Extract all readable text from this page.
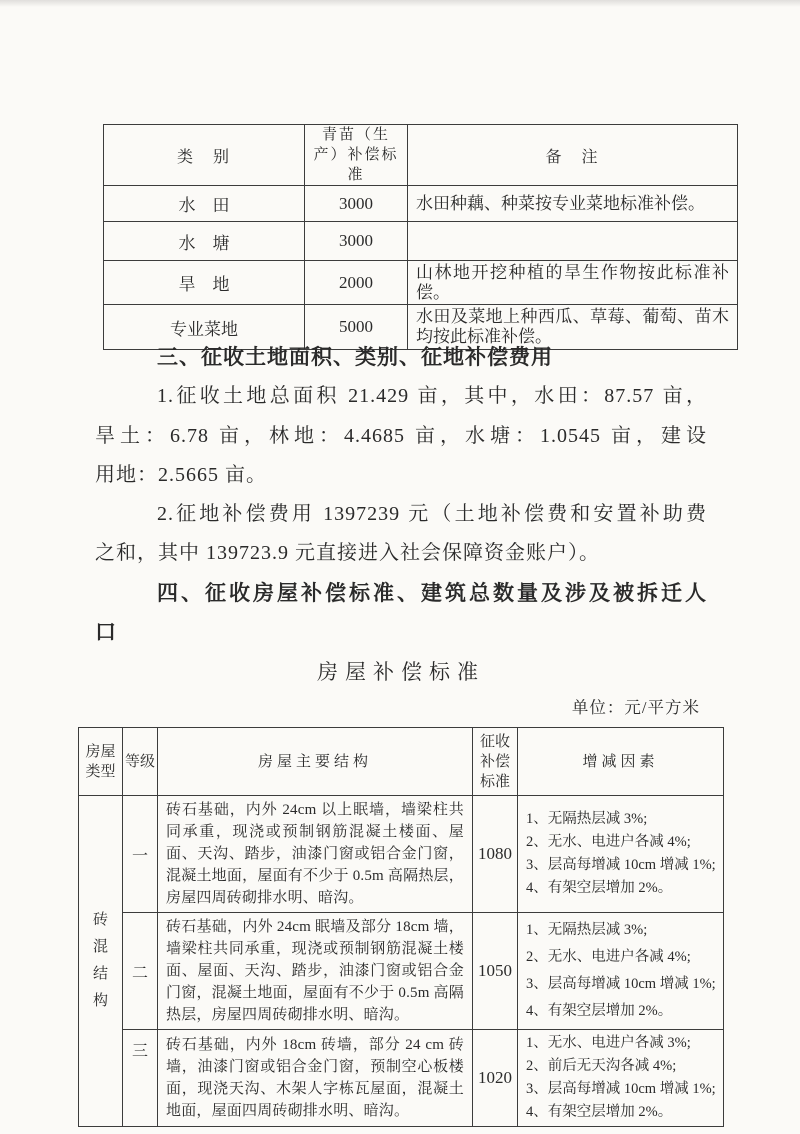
类　别	青苗（生产）补偿标准	备　注
水　田	3000	水田种藕、种菜按专业菜地标准补偿。
水　塘	3000	
旱　地	2000	山林地开挖种植的旱生作物按此标准补偿。
专业菜地	5000	水田及菜地上种西瓜、草莓、葡萄、苗木均按此标准补偿。
三、征收土地面积、类别、征地补偿费用
1.征收土地总面积 21.429 亩，其中，水田：87.57 亩，
旱土：6.78 亩，林地：4.4685 亩，水塘：1.0545 亩，建设
用地：2.5665 亩。
2.征地补偿费用 1397239 元（土地补偿费和安置补助费
之和，其中 139723.9 元直接进入社会保障资金账户）。
四、征收房屋补偿标准、建筑总数量及涉及被拆迁人
口
房屋补偿标准
单位：元/平方米
房屋类型	等级	房屋主要结构	征收补偿标准	增减因素

砖混结构	一	砖石基础，内外 24cm 以上眠墙，墙梁柱共同承重，现浇或预制钢筋混凝土楼面、屋面、天沟、踏步，油漆门窗或铝合金门窗，混凝土地面，屋面有不少于 0.5m 高隔热层，房屋四周砖砌排水明、暗沟。	1080	1、无隔热层减 3%;
2、无水、电进户各减 4%;
3、层高每增减 10cm 增减 1%;
4、有架空层增加 2%。

	二	砖石基础，内外 24cm 眠墙及部分 18cm 墙，墙梁柱共同承重，现浇或预制钢筋混凝土楼面、屋面、天沟、踏步，油漆门窗或铝合金门窗，混凝土地面，屋面有不少于 0.5m 高隔热层，房屋四周砖砌排水明、暗沟。	1050	1、无隔热层减 3%;
2、无水、电进户各减 4%;
3、层高每增减 10cm 增减 1%;
4、有架空层增加 2%。

	三	砖石基础，内外 18cm 砖墙，部分 24 cm 砖墙，油漆门窗或铝合金门窗，预制空心板楼面，现浇天沟、木架人字栋瓦屋面，混凝土地面，屋面四周砖砌排水明、暗沟。	1020	1、无水、电进户各减 3%;
2、前后无天沟各减 4%;
3、层高每增减 10cm 增减 1%;
4、有架空层增加 2%。
